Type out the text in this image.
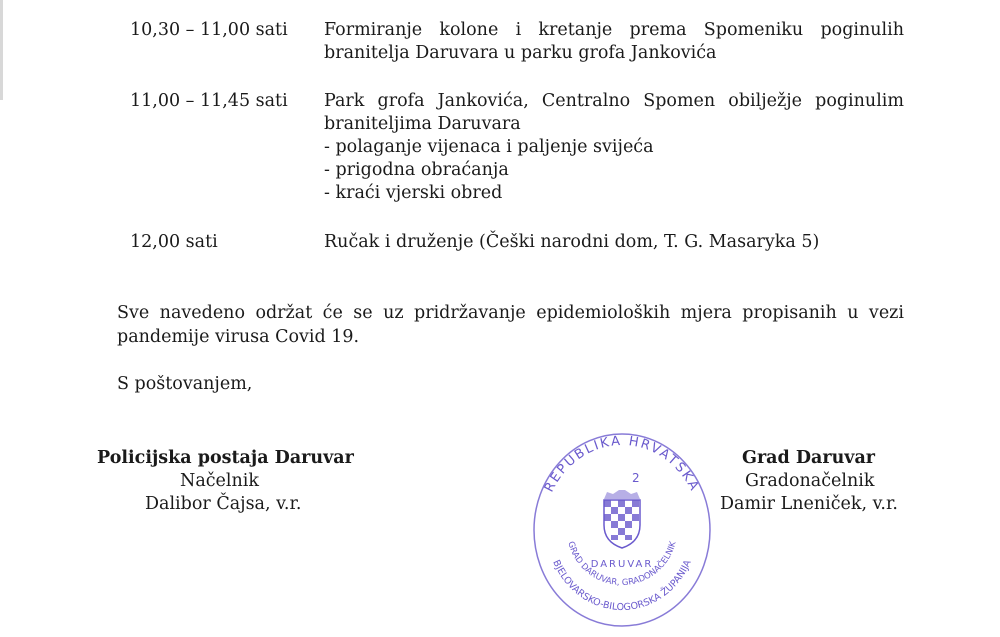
10,30 – 11,00 sati Formiranje kolone i kretanje prema Spomeniku poginulih
branitelja Daruvara u parku grofa Jankovića
11,00 – 11,45 sati Park grofa Jankovića, Centralno Spomen obilježje poginulim
braniteljima Daruvara
- polaganje vijenaca i paljenje svijeća
- prigodna obraćanja
- kraći vjerski obred
12,00 sati	Ručak i druženje (Češki narodni dom, T. G. Masaryka 5)
Sve navedeno održat će se uz pridržavanje epidemioloških mjera propisanih u vezi
pandemije virusa Covid 19.
S poštovanjem,
REPUBLIKA HRVATSKA
BJELOVARSKO-BILOGORSKA ŽUPANIJA
GRAD DARUVAR, GRADONAČELNIK
2
DARUVAR
Policijska postaja Daruvar
Načelnik
Dalibor Čajsa, v.r.
Grad Daruvar
Gradonačelnik
Damir Lneniček, v.r.
